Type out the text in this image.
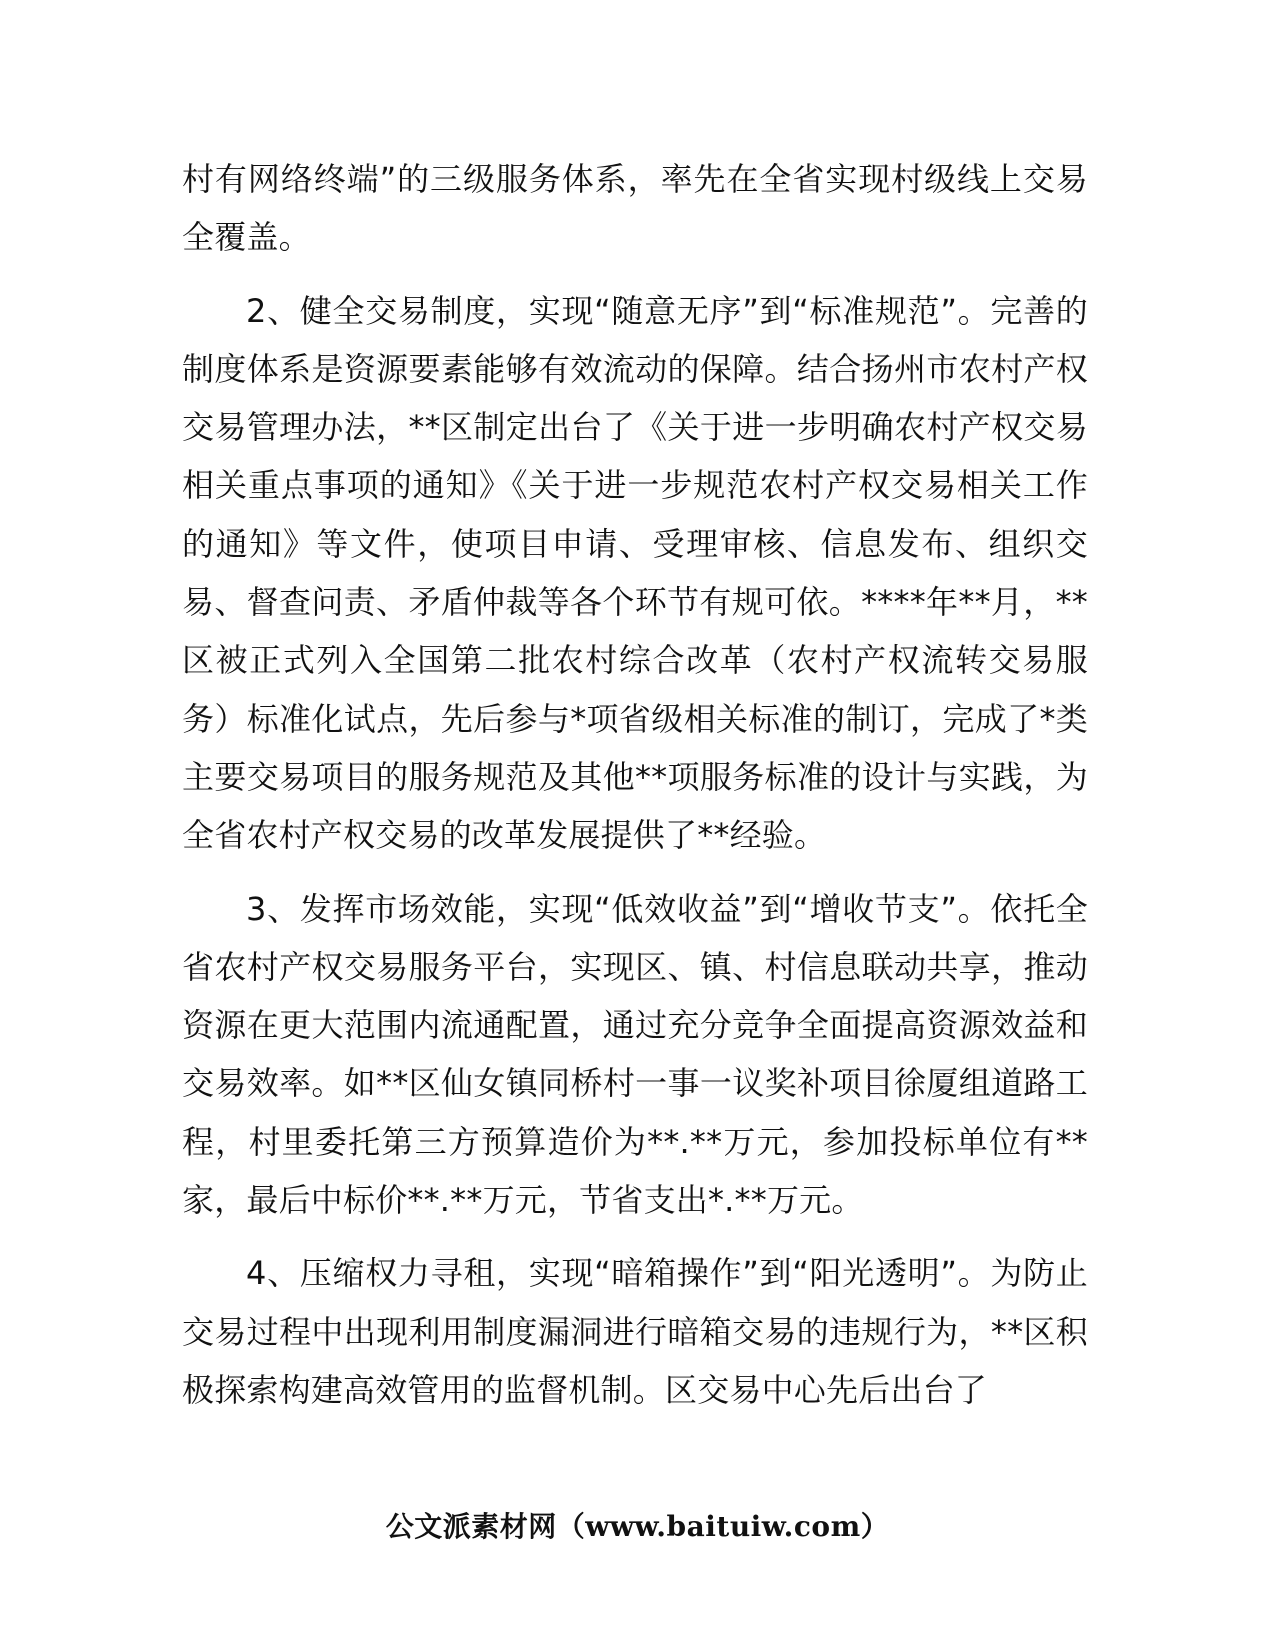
村有网络终端”的三级服务体系，率先在全省实现村级线上交易全覆盖。

2、健全交易制度，实现“随意无序”到“标准规范”。完善的制度体系是资源要素能够有效流动的保障。结合扬州市农村产权交易管理办法，**区制定出台了《关于进一步明确农村产权交易相关重点事项的通知》《关于进一步规范农村产权交易相关工作的通知》等文件，使项目申请、受理审核、信息发布、组织交易、督查问责、矛盾仲裁等各个环节有规可依。****年**月，**区被正式列入全国第二批农村综合改革（农村产权流转交易服务）标准化试点，先后参与*项省级相关标准的制订，完成了*类主要交易项目的服务规范及其他**项服务标准的设计与实践，为全省农村产权交易的改革发展提供了**经验。

3、发挥市场效能，实现“低效收益”到“增收节支”。依托全省农村产权交易服务平台，实现区、镇、村信息联动共享，推动资源在更大范围内流通配置，通过充分竞争全面提高资源效益和交易效率。如**区仙女镇同桥村一事一议奖补项目徐厦组道路工程，村里委托第三方预算造价为**.**万元，参加投标单位有**家，最后中标价**.**万元，节省支出*.**万元。

4、压缩权力寻租，实现“暗箱操作”到“阳光透明”。为防止交易过程中出现利用制度漏洞进行暗箱交易的违规行为，**区积极探索构建高效管用的监督机制。区交易中心先后出台了

公文派素材网（www.baituiw.com）
